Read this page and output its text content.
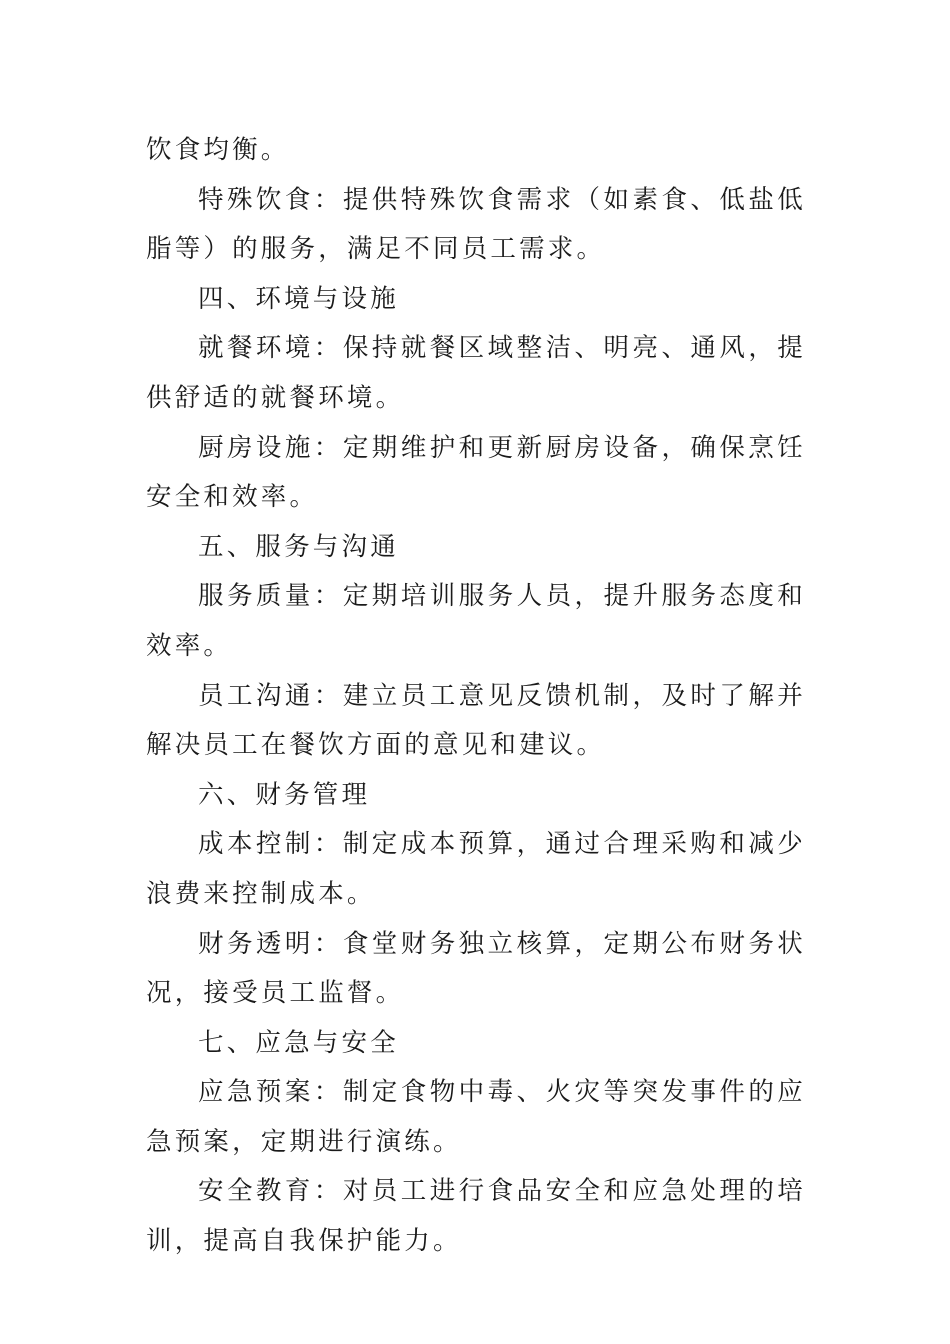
饮食均衡。

特殊饮食：提供特殊饮食需求（如素食、低盐低脂等）的服务，满足不同员工需求。

四、环境与设施

就餐环境：保持就餐区域整洁、明亮、通风，提供舒适的就餐环境。

厨房设施：定期维护和更新厨房设备，确保烹饪安全和效率。

五、服务与沟通

服务质量：定期培训服务人员，提升服务态度和效率。

员工沟通：建立员工意见反馈机制，及时了解并解决员工在餐饮方面的意见和建议。

六、财务管理

成本控制：制定成本预算，通过合理采购和减少浪费来控制成本。

财务透明：食堂财务独立核算，定期公布财务状况，接受员工监督。

七、应急与安全

应急预案：制定食物中毒、火灾等突发事件的应急预案，定期进行演练。

安全教育：对员工进行食品安全和应急处理的培训，提高自我保护能力。
